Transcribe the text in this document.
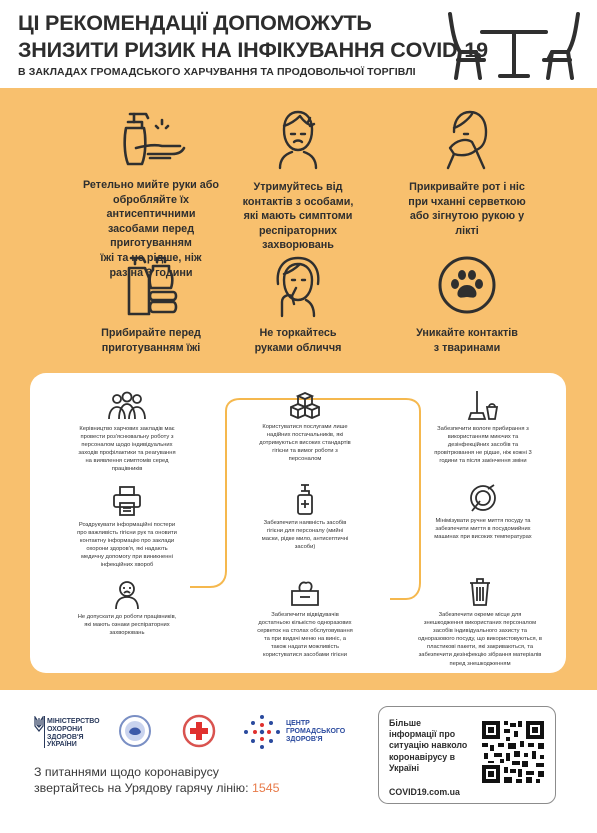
ЦІ РЕКОМЕНДАЦІЇ ДОПОМОЖУТЬ
ЗНИЗИТИ РИЗИК НА ІНФІКУВАННЯ COVID-19
В ЗАКЛАДАХ ГРОМАДСЬКОГО ХАРЧУВАННЯ ТА ПРОДОВОЛЬЧОЇ ТОРГІВЛІ
Ретельно мийте руки або
обробляйте їх антисептичними
засобами перед приготуванням
їжі та не рідше, ніж
раз на 3 години
Утримуйтесь від
контактів з особами,
які мають симптоми
респіраторних
захворювань
Прикривайте рот і ніс
при чханні серветкою
або зігнутою рукою у
лікті
Прибирайте перед
приготуванням їжі
Не торкайтесь
руками обличчя
Уникайте контактів
з тваринами
Керівництво харчових закладів має
провести роз'яснювальну роботу з
персоналом щодо індивідуальних
заходів профілактики та реагування
на виявлення симптомів серед
працівників
Роздрукувати інформаційні постери
про важливість гігієни рук та оновити
контактну інформацію про заклади
охорони здоров'я, які надають
медичну допомогу при виникненні
інфекційних хвороб
Не допускати до роботи працівників,
які мають ознаки респіраторних
захворювань
Користуватися послугами лише
надійних постачальників, які
дотримуються високих стандартів
гігієни та вимог роботи з
персоналом
Забезпечити наявність засобів
гігієни для персоналу (мийні
маски, рідке мило, антисептичні
засоби)
Забезпечити відвідувачів
достатньою кількістю одноразових
серветок на столах обслуговування
та при видачі меню на виніс, а
також надати можливість
користуватися засобами гігієни
Забезпечити вологе прибирання з
використанням миючих та
дезінфекційних засобів та
провітрювання не рідше, ніж кожні 3
години та після закінчення зміни
Мінімізувати ручне миття посуду та
забезпечити миття в посудомийних
машинах при високих температурах
Забезпечити окреме місце для
знешкодження використаних персоналом
засобів індивідуального захисту та
одноразового посуду, що використовуються, в
пластикові пакети, які закриваються, та
забезпечити дезінфекцію зібрання матеріалів
перед знешкодженням
МІНІСТЕРСТВО
ОХОРОНИ
ЗДОРОВ'Я
УКРАЇНИ
ЦЕНТР
ГРОМАДСЬКОГО
ЗДОРОВ'Я
З питаннями щодо коронавірусу
звертайтесь на Урядову гарячу лінію: 1545
Більше
інформації про
ситуацію навколо
коронавірусу в
Україні
COVID19.com.ua
